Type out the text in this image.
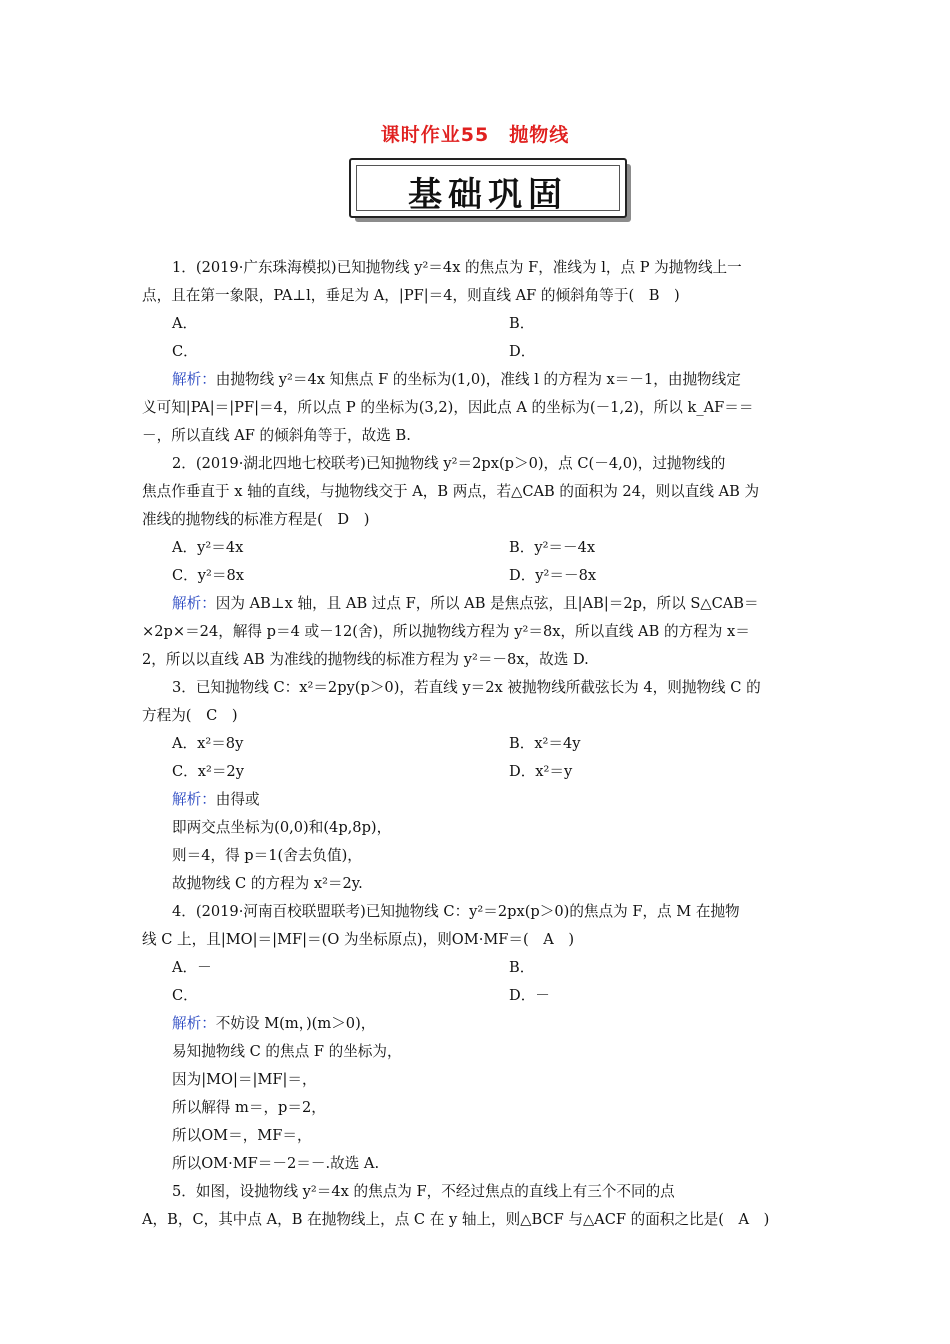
课时作业55　抛物线
基础巩固
1．(2019·广东珠海模拟)已知抛物线 y²＝4x 的焦点为 F，准线为 l，点 P 为抛物线上一
点，且在第一象限，PA⊥l，垂足为 A，|PF|＝4，则直线 AF 的倾斜角等于(　B　)
A．	B．
C．	D．
解析：由抛物线 y²＝4x 知焦点 F 的坐标为(1,0)，准线 l 的方程为 x＝－1，由抛物线定
义可知|PA|＝|PF|＝4，所以点 P 的坐标为(3,2)，因此点 A 的坐标为(－1,2)，所以 k_AF＝＝
－，所以直线 AF 的倾斜角等于，故选 B.
2．(2019·湖北四地七校联考)已知抛物线 y²＝2px(p＞0)，点 C(－4,0)，过抛物线的
焦点作垂直于 x 轴的直线，与抛物线交于 A，B 两点，若△CAB 的面积为 24，则以直线 AB 为
准线的抛物线的标准方程是(　D　)
A．y²＝4x	B．y²＝－4x
C．y²＝8x	D．y²＝－8x
解析：因为 AB⊥x 轴，且 AB 过点 F，所以 AB 是焦点弦，且|AB|＝2p，所以 S△CAB＝
×2p×＝24，解得 p＝4 或－12(舍)，所以抛物线方程为 y²＝8x，所以直线 AB 的方程为 x＝
2，所以以直线 AB 为准线的抛物线的标准方程为 y²＝－8x，故选 D.
3．已知抛物线 C：x²＝2py(p＞0)，若直线 y＝2x 被抛物线所截弦长为 4，则抛物线 C 的
方程为(　C　)
A．x²＝8y	B．x²＝4y
C．x²＝2y	D．x²＝y
解析：由得或
即两交点坐标为(0,0)和(4p,8p)，
则＝4，得 p＝1(舍去负值)，
故抛物线 C 的方程为 x²＝2y.
4．(2019·河南百校联盟联考)已知抛物线 C：y²＝2px(p＞0)的焦点为 F，点 M 在抛物
线 C 上，且|MO|＝|MF|＝(O 为坐标原点)，则OM·MF＝(　A　)
A．－	B．
C．	D．－
解析：不妨设 M(m，)(m＞0)，
易知抛物线 C 的焦点 F 的坐标为，
因为|MO|＝|MF|＝，
所以解得 m＝，p＝2，
所以OM＝，MF＝，
所以OM·MF＝－2＝－.故选 A.
5．如图，设抛物线 y²＝4x 的焦点为 F，不经过焦点的直线上有三个不同的点
A，B，C，其中点 A，B 在抛物线上，点 C 在 y 轴上，则△BCF 与△ACF 的面积之比是(　A　)
